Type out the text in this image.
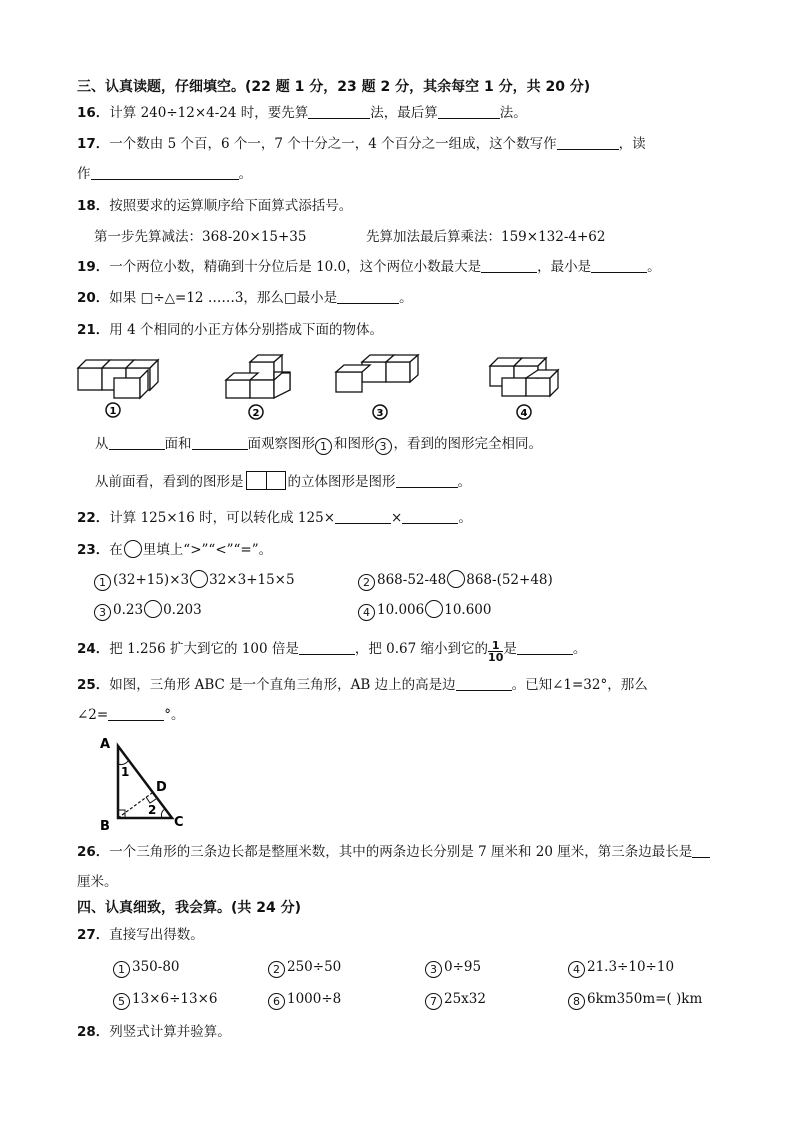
三、认真读题，仔细填空。(22 题 1 分，23 题 2 分，其余每空 1 分，共 20 分)
16．计算 240÷12×4-24 时，要先算	法，最后算	法。
17．一个数由 5 个百，6 个一，7 个十分之一，4 个百分之一组成，这个数写作	，读
作	。
18．按照要求的运算顺序给下面算式添括号。
第一步先算减法：368-20×15+35	先算加法最后算乘法：159×132-4+62
19．一个两位小数，精确到十分位后是 10.0，这个两位小数最大是	，最小是	。
20．如果 □÷△=12 ……3，那么□最小是	。
21．用 4 个相同的小正方体分别搭成下面的物体。
1	2	3	4
从	面和	面观察图形 1 和图形 3 ，看到的图形完全相同。
从前面看，看到的图形是	的立体图形是图形	。
22．计算 125×16 时，可以转化成 125×	×	。
23．在 里填上“>”“<”“=”。
1 (32+15)×3 32×3+15×5	2 868-52-48 868-(52+48)
3 0.23 0.203	4 10.006 10.600
24．把 1.256 扩大到它的 100 倍是	，把 0.67 缩小到它的 $\frac{1}{10}$ 是	。
25．如图，三角形 ABC 是一个直角三角形，AB 边上的高是边	。已知∠1=32°，那么
∠2=	°。
A
B	C
D
1
2
26．一个三角形的三条边长都是整厘米数，其中的两条边长分别是 7 厘米和 20 厘米，第三条边最长是
厘米。
四、认真细致，我会算。(共 24 分)
27．直接写出得数。
1 350-80	2 250÷50	3 0÷95	4 21.3÷10÷10
5 13×6÷13×6	6 1000÷8	7 25x32	8 6km350m=( )km
28．列竖式计算并验算。
